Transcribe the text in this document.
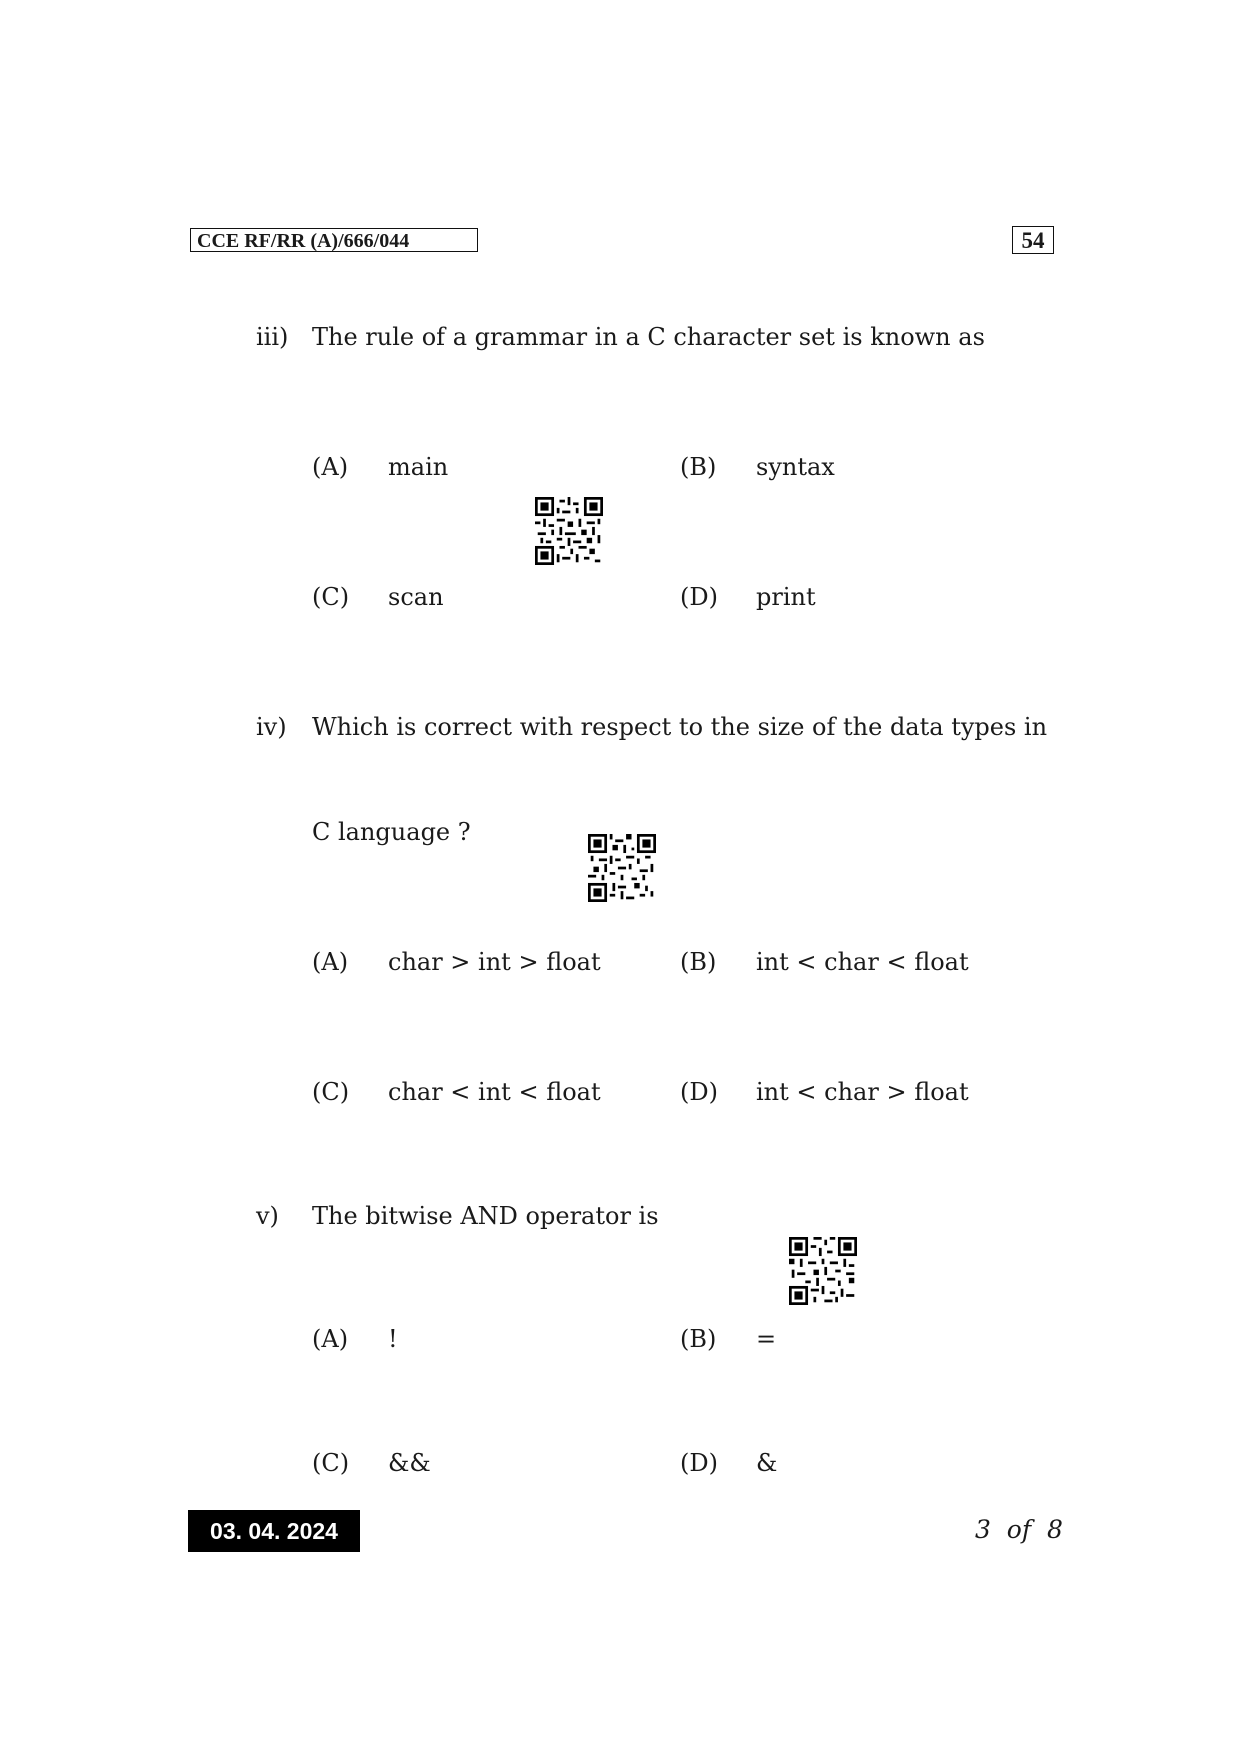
CCE RF/RR (A)/666/044	54
iii) The rule of a grammar in a C character set is known as
(A) main	(B) syntax
(C) scan	(D) print
iv) Which is correct with respect to the size of the data types in
C language ?
(A) char > int > float	(B) int < char < float
(C) char < int < float	(D) int < char > float
v) The bitwise AND operator is
(A) !	(B) =
(C) &&	(D) &
03. 04. 2024	3  of  8
